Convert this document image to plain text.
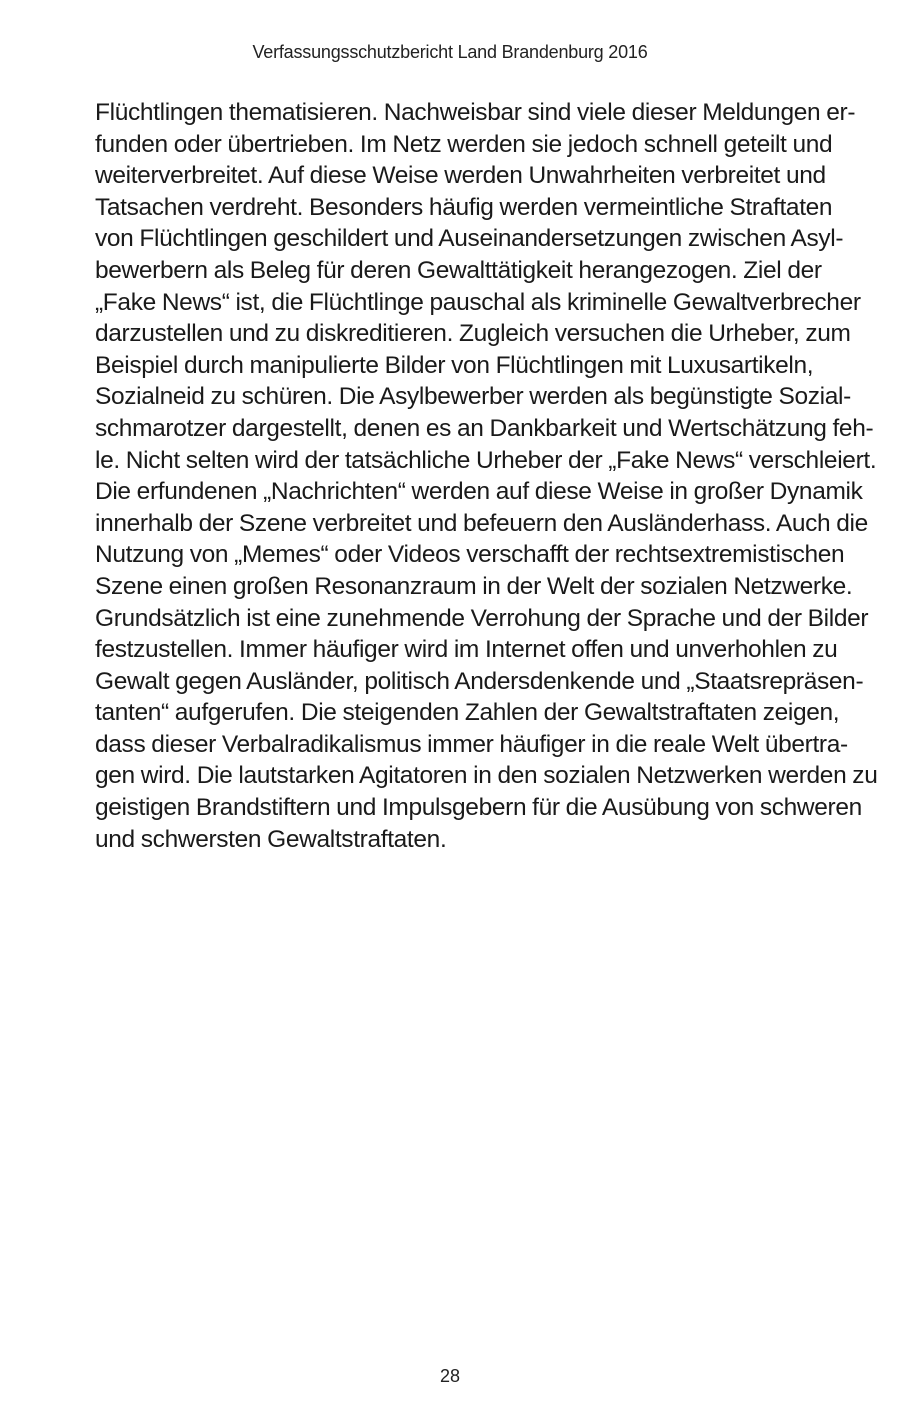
Verfassungsschutzbericht Land Brandenburg 2016
Flüchtlingen thematisieren. Nachweisbar sind viele dieser Meldungen er-
funden oder übertrieben. Im Netz werden sie jedoch schnell geteilt und
weiterverbreitet. Auf diese Weise werden Unwahrheiten verbreitet und
Tatsachen verdreht. Besonders häufig werden vermeintliche Straftaten
von Flüchtlingen geschildert und Auseinandersetzungen zwischen Asyl-
bewerbern als Beleg für deren Gewalttätigkeit herangezogen. Ziel der
„Fake News“ ist, die Flüchtlinge pauschal als kriminelle Gewaltverbrecher
darzustellen und zu diskreditieren. Zugleich versuchen die Urheber, zum
Beispiel durch manipulierte Bilder von Flüchtlingen mit Luxusartikeln,
Sozialneid zu schüren. Die Asylbewerber werden als begünstigte Sozial-
schmarotzer dargestellt, denen es an Dankbarkeit und Wertschätzung feh-
le. Nicht selten wird der tatsächliche Urheber der „Fake News“ verschleiert.
Die erfundenen „Nachrichten“ werden auf diese Weise in großer Dynamik
innerhalb der Szene verbreitet und befeuern den Ausländerhass. Auch die
Nutzung von „Memes“ oder Videos verschafft der rechtsextremistischen
Szene einen großen Resonanzraum in der Welt der sozialen Netzwerke.
Grundsätzlich ist eine zunehmende Verrohung der Sprache und der Bilder
festzustellen. Immer häufiger wird im Internet offen und unverhohlen zu
Gewalt gegen Ausländer, politisch Andersdenkende und „Staatsrepräsen-
tanten“ aufgerufen. Die steigenden Zahlen der Gewaltstraftaten zeigen,
dass dieser Verbalradikalismus immer häufiger in die reale Welt übertra-
gen wird. Die lautstarken Agitatoren in den sozialen Netzwerken werden zu
geistigen Brandstiftern und Impulsgebern für die Ausübung von schweren
und schwersten Gewaltstraftaten.
28
